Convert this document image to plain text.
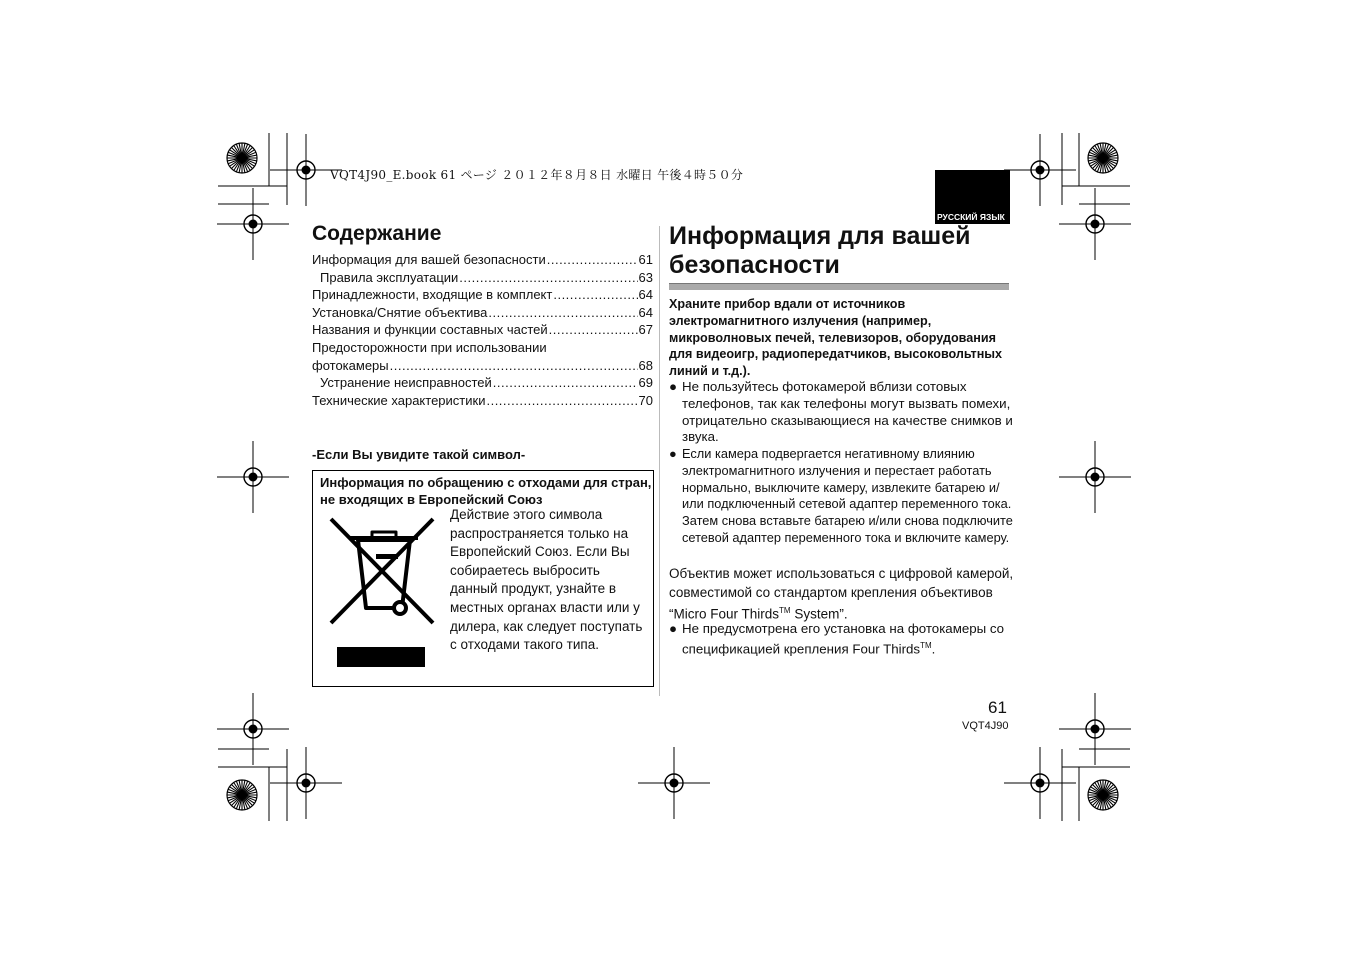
VQT4J90_E.book 61 ページ ２０１２年８月８日 水曜日 午後４時５０分
РУССКИЙ ЯЗЫК
Содержание
Информация для вашей безопасности .....	61
Правила эксплуатации .....	63
Принадлежности, входящие в комплект .....	64
Установка/Снятие объектива .....	64
Названия и функции составных частей .....	67
Предосторожности при использовании
фотокамеры .....	68
Устранение неисправностей .....	69
Технические характеристики .....	70
-Если Вы увидите такой символ-
Информация по обращению с отходами для стран, не входящих в Европейский Союз
Действие этого символа распространяется только на Европейский Союз. Если Вы собираетесь выбросить данный продукт, узнайте в местных органах власти или у дилера, как следует поступать с отходами такого типа.
Информация для вашей безопасности
Храните прибор вдали от источников электромагнитного излучения (например, микроволновых печей, телевизоров, оборудования для видеоигр, радиопередатчиков, высоковольтных линий и т.д.).
● Не пользуйтесь фотокамерой вблизи сотовых телефонов, так как телефоны могут вызвать помехи, отрицательно сказывающиеся на качестве снимков и звука.
● Если камера подвергается негативному влиянию электромагнитного излучения и перестает работать нормально, выключите камеру, извлеките батарею и/или подключенный сетевой адаптер переменного тока. Затем снова вставьте батарею и/или снова подключите сетевой адаптер переменного тока и включите камеру.
Объектив может использоваться с цифровой камерой, совместимой со стандартом крепления объективов “Micro Four Thirds™ System”.
● Не предусмотрена его установка на фотокамеры со спецификацией крепления Four Thirds™.
61
VQT4J90
